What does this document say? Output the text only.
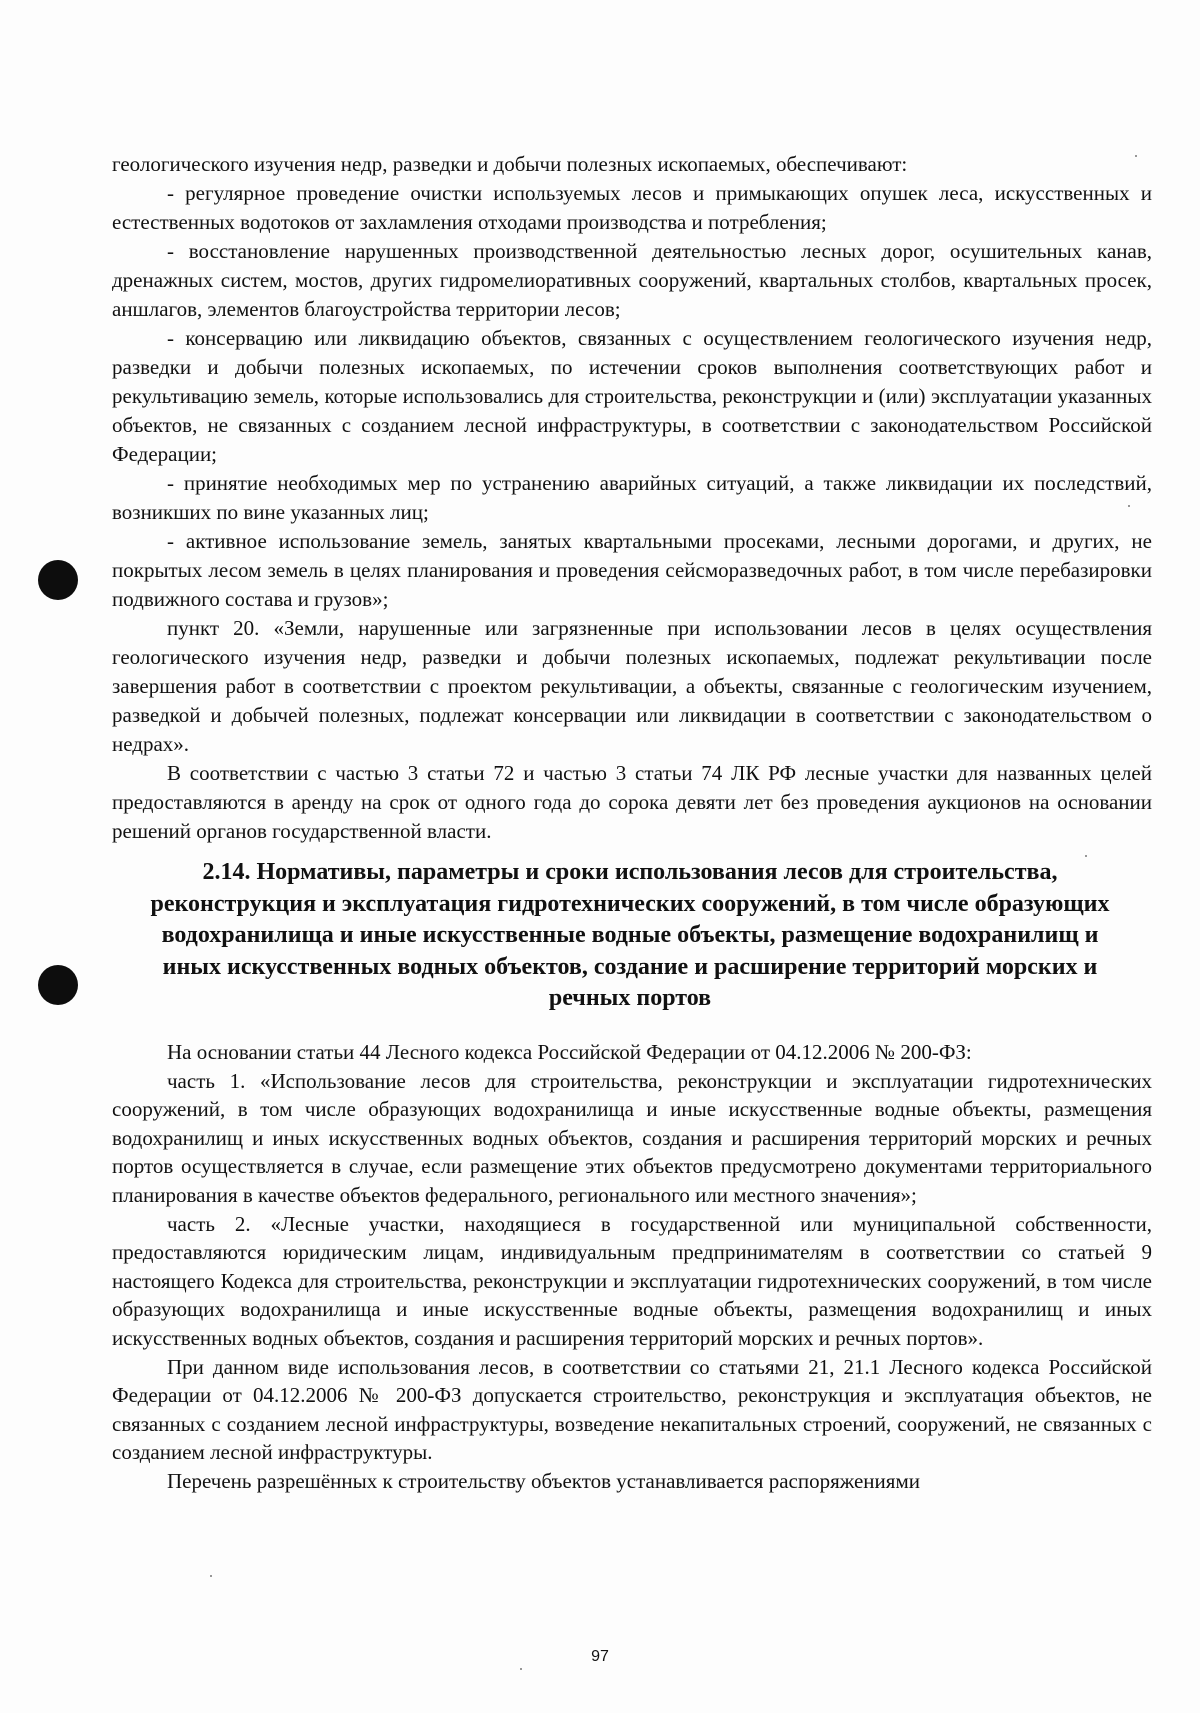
геологического изучения недр, разведки и добычи полезных ископаемых, обеспечивают:

- регулярное проведение очистки используемых лесов и примыкающих опушек леса, искусственных и естественных водотоков от захламления отходами производства и потребления;

- восстановление нарушенных производственной деятельностью лесных дорог, осушительных канав, дренажных систем, мостов, других гидромелиоративных сооружений, квартальных столбов, квартальных просек, аншлагов, элементов благоустройства территории лесов;

- консервацию или ликвидацию объектов, связанных с осуществлением геологического изучения недр, разведки и добычи полезных ископаемых, по истечении сроков выполнения соответствующих работ и рекультивацию земель, которые использовались для строительства, реконструкции и (или) эксплуатации указанных объектов, не связанных с созданием лесной инфраструктуры, в соответствии с законодательством Российской Федерации;

- принятие необходимых мер по устранению аварийных ситуаций, а также ликвидации их последствий, возникших по вине указанных лиц;

- активное использование земель, занятых квартальными просеками, лесными дорогами, и других, не покрытых лесом земель в целях планирования и проведения сейсморазведочных работ, в том числе перебазировки подвижного состава и грузов»;

пункт 20. «Земли, нарушенные или загрязненные при использовании лесов в целях осуществления геологического изучения недр, разведки и добычи полезных ископаемых, подлежат рекультивации после завершения работ в соответствии с проектом рекультивации, а объекты, связанные с геологическим изучением, разведкой и добычей полезных, подлежат консервации или ликвидации в соответствии с законодательством о недрах».

В соответствии с частью 3 статьи 72 и частью 3 статьи 74 ЛК РФ лесные участки для названных целей предоставляются в аренду на срок от одного года до сорока девяти лет без проведения аукционов на основании решений органов государственной власти.

2.14. Нормативы, параметры и сроки использования лесов для строительства, реконструкция и эксплуатация гидротехнических сооружений, в том числе образующих водохранилища и иные искусственные водные объекты, размещение водохранилищ и иных искусственных водных объектов, создание и расширение территорий морских и речных портов

На основании статьи 44 Лесного кодекса Российской Федерации от 04.12.2006 № 200-ФЗ:

часть 1. «Использование лесов для строительства, реконструкции и эксплуатации гидротехнических сооружений, в том числе образующих водохранилища и иные искусственные водные объекты, размещения водохранилищ и иных искусственных водных объектов, создания и расширения территорий морских и речных портов осуществляется в случае, если размещение этих объектов предусмотрено документами территориального планирования в качестве объектов федерального, регионального или местного значения»;

часть 2. «Лесные участки, находящиеся в государственной или муниципальной собственности, предоставляются юридическим лицам, индивидуальным предпринимателям в соответствии со статьей 9 настоящего Кодекса для строительства, реконструкции и эксплуатации гидротехнических сооружений, в том числе образующих водохранилища и иные искусственные водные объекты, размещения водохранилищ и иных искусственных водных объектов, создания и расширения территорий морских и речных портов».

При данном виде использования лесов, в соответствии со статьями 21, 21.1 Лесного кодекса Российской Федерации от 04.12.2006 № 200-ФЗ допускается строительство, реконструкция и эксплуатация объектов, не связанных с созданием лесной инфраструктуры, возведение некапитальных строений, сооружений, не связанных с созданием лесной инфраструктуры.

Перечень разрешённых к строительству объектов устанавливается распоряжениями

97
